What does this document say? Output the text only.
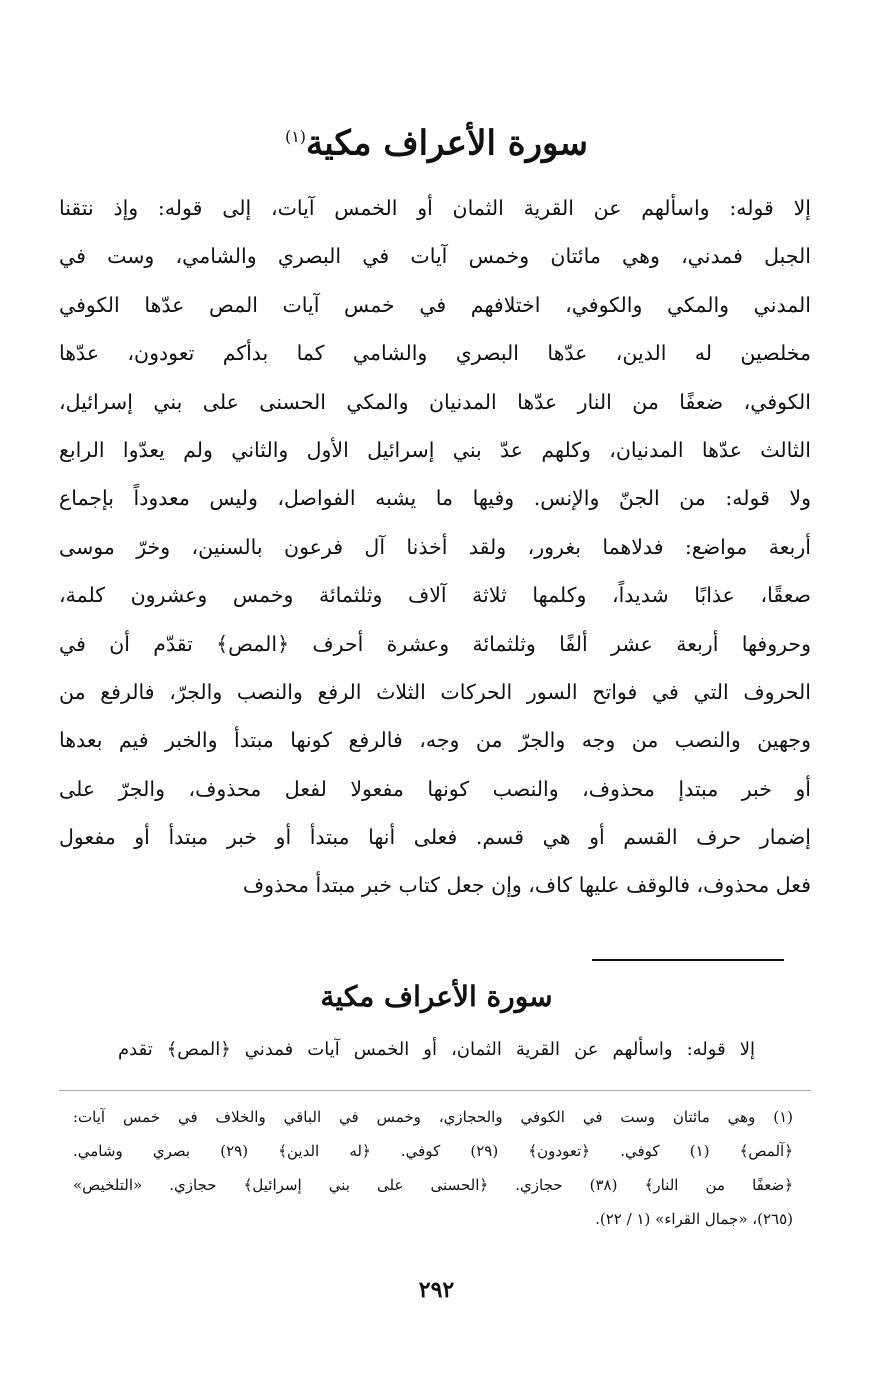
سورة الأعراف مكية$^{(١)}$
إلا قوله: واسألهم عن القرية الثمان أو الخمس آيات، إلى قوله: وإذ نتقنا
الجبل فمدني، وهي مائتان وخمس آيات في البصري والشامي، وست في
المدني والمكي والكوفي، اختلافهم في خمس آيات المص عدّها الكوفي
مخلصين له الدين، عدّها البصري والشامي كما بدأكم تعودون، عدّها
الكوفي، ضعفًا من النار عدّها المدنيان والمكي الحسنى على بني إسرائيل،
الثالث عدّها المدنيان، وكلهم عدّ بني إسرائيل الأول والثاني ولم يعدّوا الرابع
ولا قوله: من الجنّ والإنس. وفيها ما يشبه الفواصل، وليس معدوداً بإجماع
أربعة مواضع: فدلاهما بغرور، ولقد أخذنا آل فرعون بالسنين، وخرّ موسى
صعقًا، عذابًا شديداً، وكلمها ثلاثة آلاف وثلثمائة وخمس وعشرون كلمة،
وحروفها أربعة عشر ألفًا وثلثمائة وعشرة أحرف ﴿المص﴾ تقدّم أن في
الحروف التي في فواتح السور الحركات الثلاث الرفع والنصب والجرّ، فالرفع من
وجهين والنصب من وجه والجرّ من وجه، فالرفع كونها مبتدأ والخبر فيم بعدها
أو خبر مبتدإ محذوف، والنصب كونها مفعولا لفعل محذوف، والجرّ على
إضمار حرف القسم أو هي قسم. فعلى أنها مبتدأ أو خبر مبتدأ أو مفعول
فعل محذوف، فالوقف عليها كاف، وإن جعل كتاب خبر مبتدأ محذوف
سورة الأعراف مكية

إلا قوله: واسألهم عن القرية الثمان، أو الخمس آيات فمدني ﴿المص﴾ تقدم

(١) وهي مائتان وست في الكوفي والحجازي، وخمس في الباقي والخلاف في خمس آيات:
﴿آلمص﴾ (١) كوفي. ﴿تعودون﴾ (٢٩) كوفي. ﴿له الدين﴾ (٢٩) بصري وشامي.
﴿ضعفًا من النار﴾ (٣٨) حجازي. ﴿الحسنى على بني إسرائيل﴾ حجازي. «التلخيص»
(٢٦٥)، «جمال القراء» (١ / ٢٢).
٢٩٢
